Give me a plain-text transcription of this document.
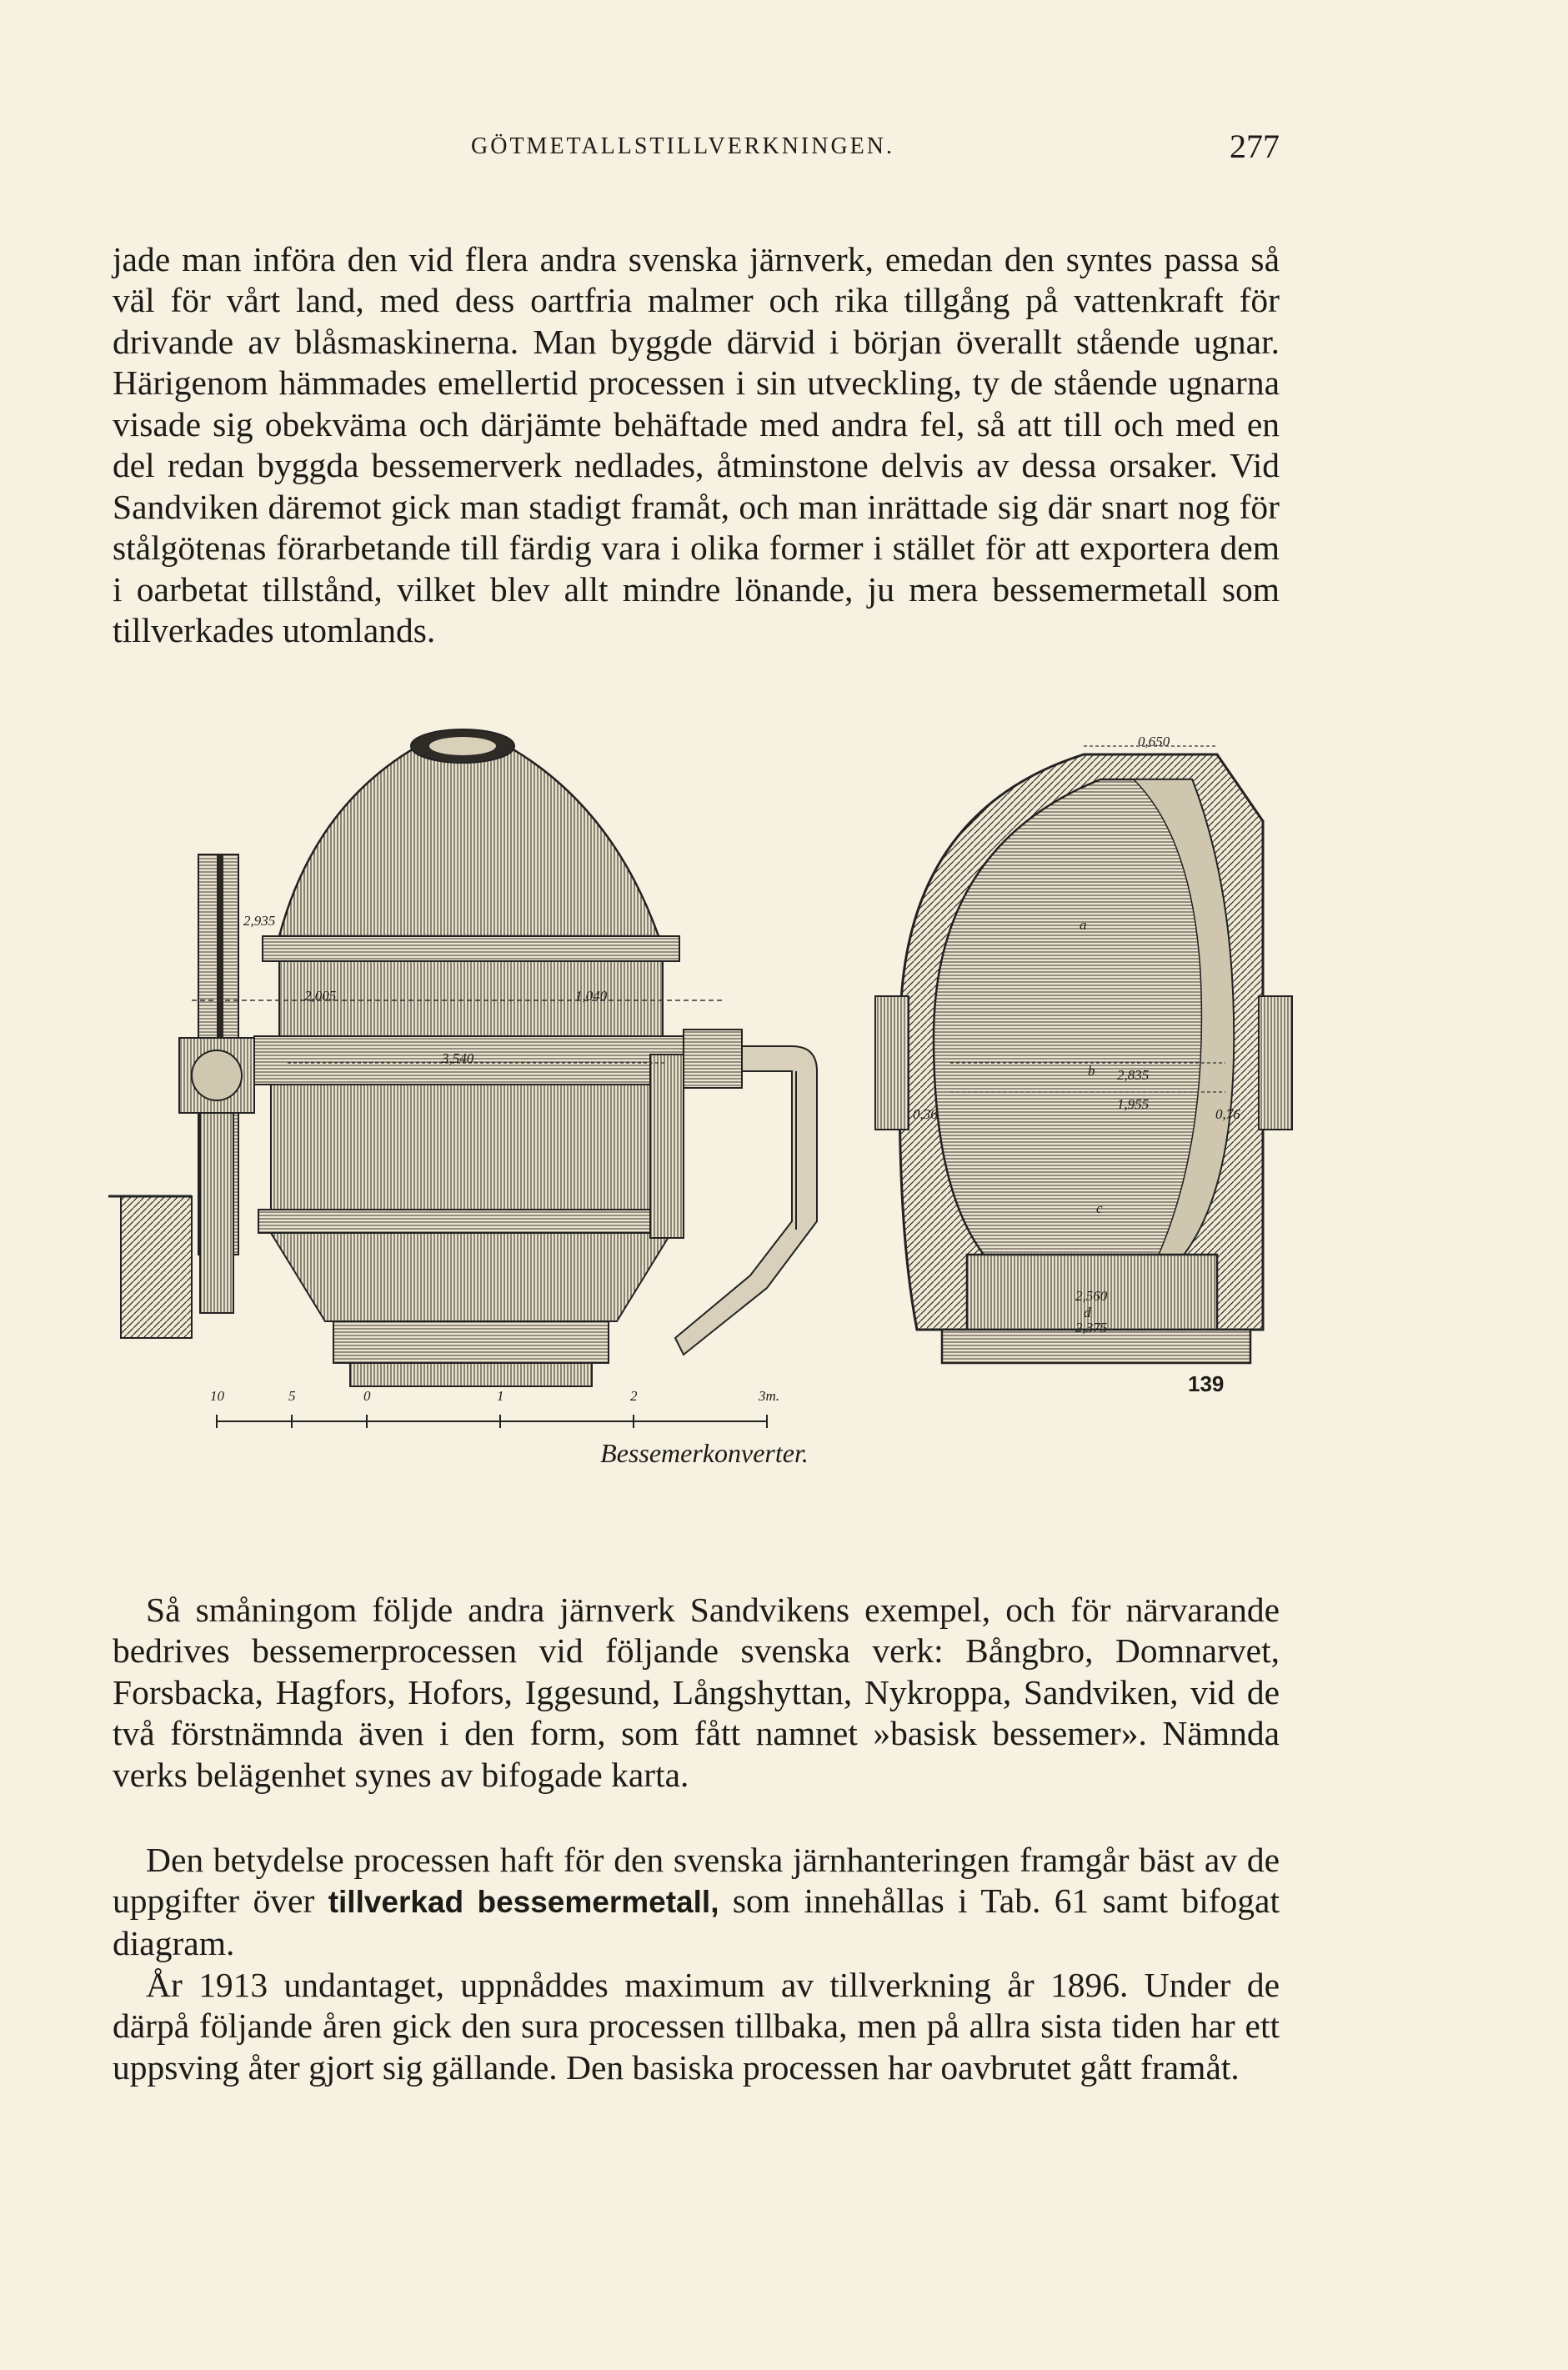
GÖTMETALLSTILLVERKNINGEN.	277

jade man införa den vid flera andra svenska järnverk, emedan den syntes passa så väl för vårt land, med dess oartfria malmer och rika tillgång på vattenkraft för drivande av blåsmaskinerna. Man byggde därvid i början överallt stående ugnar. Härigenom hämmades emellertid processen i sin utveckling, ty de stående ugnarna visade sig obekväma och därjämte behäftade med andra fel, så att till och med en del redan byggda bessemerverk nedlades, åtminstone delvis av dessa orsaker. Vid Sandviken däremot gick man stadigt framåt, och man inrättade sig där snart nog för stålgötenas förarbetande till färdig vara i olika former i stället för att exportera dem i oarbetat tillstånd, vilket blev allt mindre lönande, ju mera bessemermetall som tillverkades utomlands.

2,005	1,040
3,540
2,935
0,650
2,835
1,955
0,36	0,76
2,560
2,375
a
b
c
d
10	5	0	1	2	3m.	139
Bessemerkonverter.

Så småningom följde andra järnverk Sandvikens exempel, och för närvarande bedrives bessemerprocessen vid följande svenska verk: Bångbro, Domnarvet, Forsbacka, Hagfors, Hofors, Iggesund, Långshyttan, Nykroppa, Sandviken, vid de två förstnämnda även i den form, som fått namnet »basisk bessemer». Nämnda verks belägenhet synes av bifogade karta.

Den betydelse processen haft för den svenska järnhanteringen framgår bäst av de uppgifter över tillverkad bessemermetall, som innehållas i Tab. 61 samt bifogat diagram.

År 1913 undantaget, uppnåddes maximum av tillverkning år 1896. Under de därpå följande åren gick den sura processen tillbaka, men på allra sista tiden har ett uppsving åter gjort sig gällande. Den basiska processen har oavbrutet gått framåt.
